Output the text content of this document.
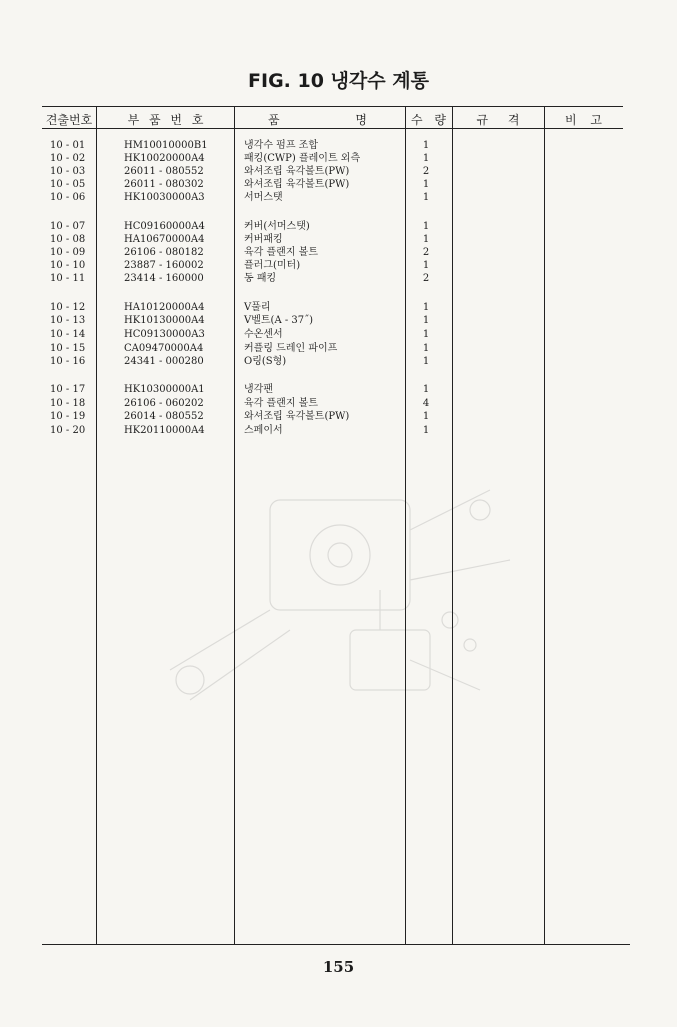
FIG. 10 냉각수 계통
견출번호	부 품 번 호	품 명	수 량	규 격	비 고
10 - 01	HM10010000B1	냉각수 펌프 조합	1
10 - 02	HK10020000A4	패킹(CWP) 플레이트 외측	1
10 - 03	26011 - 080552	와셔조립 육각볼트(PW)	2
10 - 05	26011 - 080302	와셔조립 육각볼트(PW)	1
10 - 06	HK10030000A3	서머스탯	1
10 - 07	HC09160000A4	커버(서머스탯)	1
10 - 08	HA10670000A4	커버패킹	1
10 - 09	26106 - 080182	육각 플랜지 볼트	2
10 - 10	23887 - 160002	플러그(미터)	1
10 - 11	23414 - 160000	동 패킹	2
10 - 12	HA10120000A4	V풀리	1
10 - 13	HK10130000A4	V벨트(A - 37˝)	1
10 - 14	HC09130000A3	수온센서	1
10 - 15	CA09470000A4	커플링 드레인 파이프	1
10 - 16	24341 - 000280	O링(S형)	1
10 - 17	HK10300000A1	냉각팬	1
10 - 18	26106 - 060202	육각 플랜지 볼트	4
10 - 19	26014 - 080552	와셔조립 육각볼트(PW)	1
10 - 20	HK20110000A4	스페이서	1
155
